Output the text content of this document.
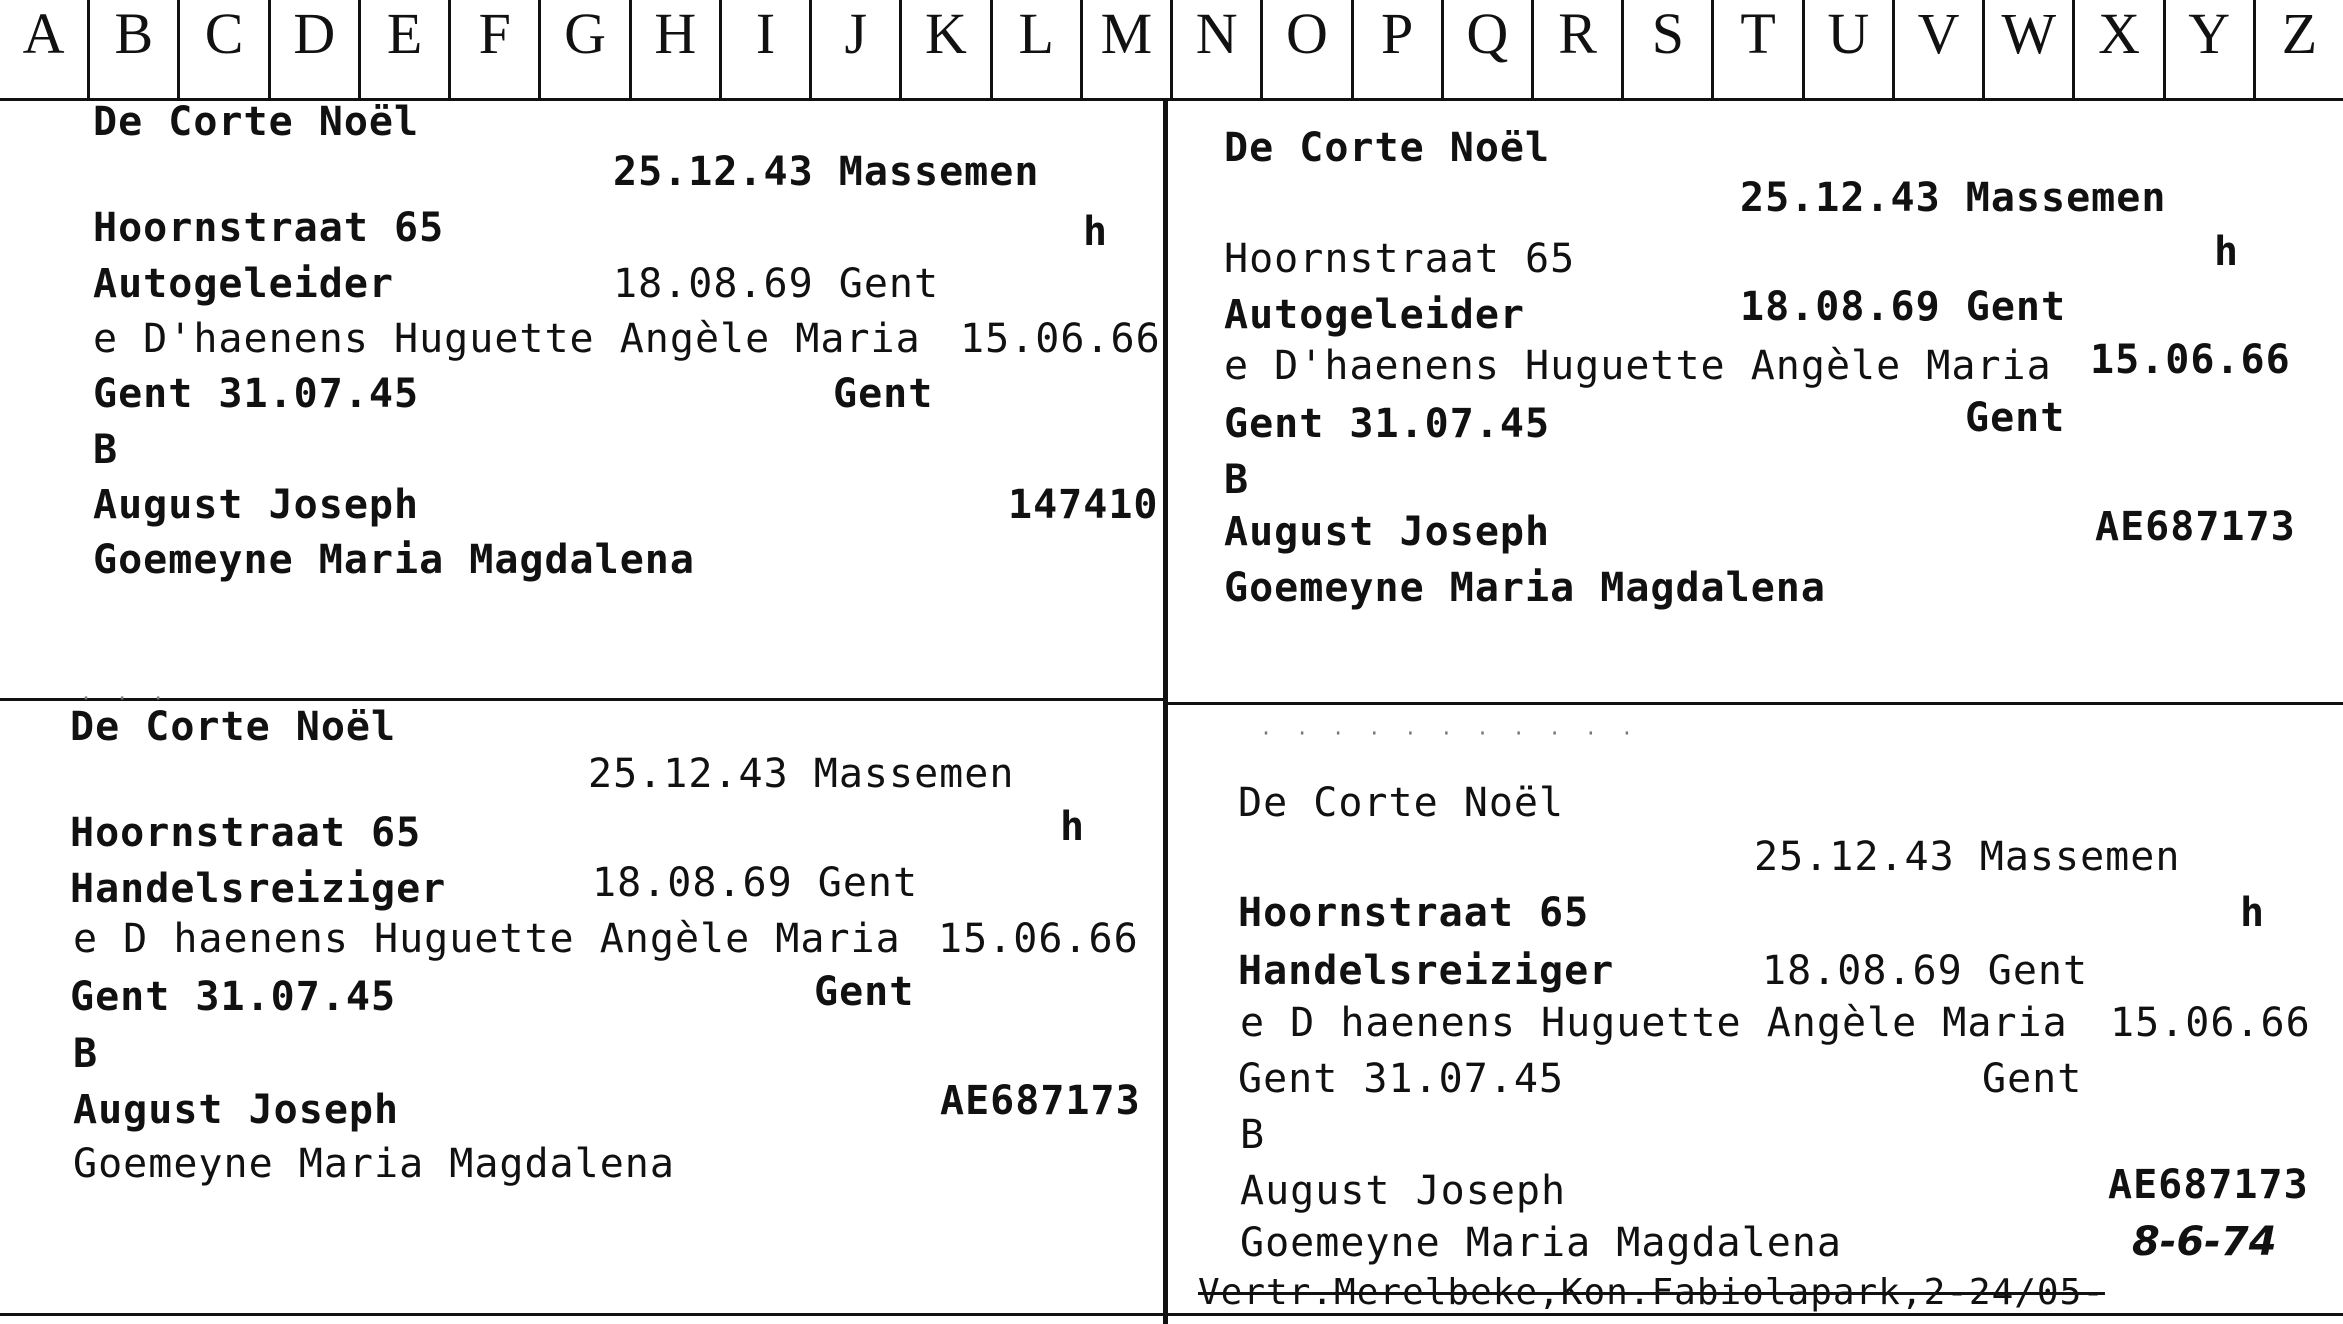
A B C D E F G H	I	J	K L M N O P Q R S T U V W X Y Z
De Corte Noël
25.12.43 Massemen
Hoornstraat 65	h
Autogeleider	18.08.69 Gent
e D'haenens Huguette Angèle Maria 15.06.66
Gent 31.07.45	Gent
B
August Joseph	147410
Goemeyne Maria Magdalena
De Corte Noël
25.12.43 Massemen
Hoornstraat 65	h
Autogeleider	18.08.69 Gent
e D'haenens Huguette Angèle Maria 15.06.66
Gent 31.07.45	Gent
B
August Joseph	AE687173
Goemeyne Maria Magdalena
· · ·
De Corte Noël
25.12.43 Massemen
Hoornstraat 65	h
Handelsreiziger	18.08.69 Gent
e D haenens Huguette Angèle Maria 15.06.66
Gent 31.07.45	Gent
B
August Joseph	AE687173
Goemeyne Maria Magdalena
· · · · · · · · · · ·
De Corte Noël
25.12.43 Massemen
Hoornstraat 65	h
Handelsreiziger	18.08.69 Gent
e D haenens Huguette Angèle Maria 15.06.66
Gent 31.07.45	Gent
B
August Joseph	AE687173
Goemeyne Maria Magdalena	8-6-74
Vertr.Merelbeke,Kon.Fabiolapark,2-24/05-
